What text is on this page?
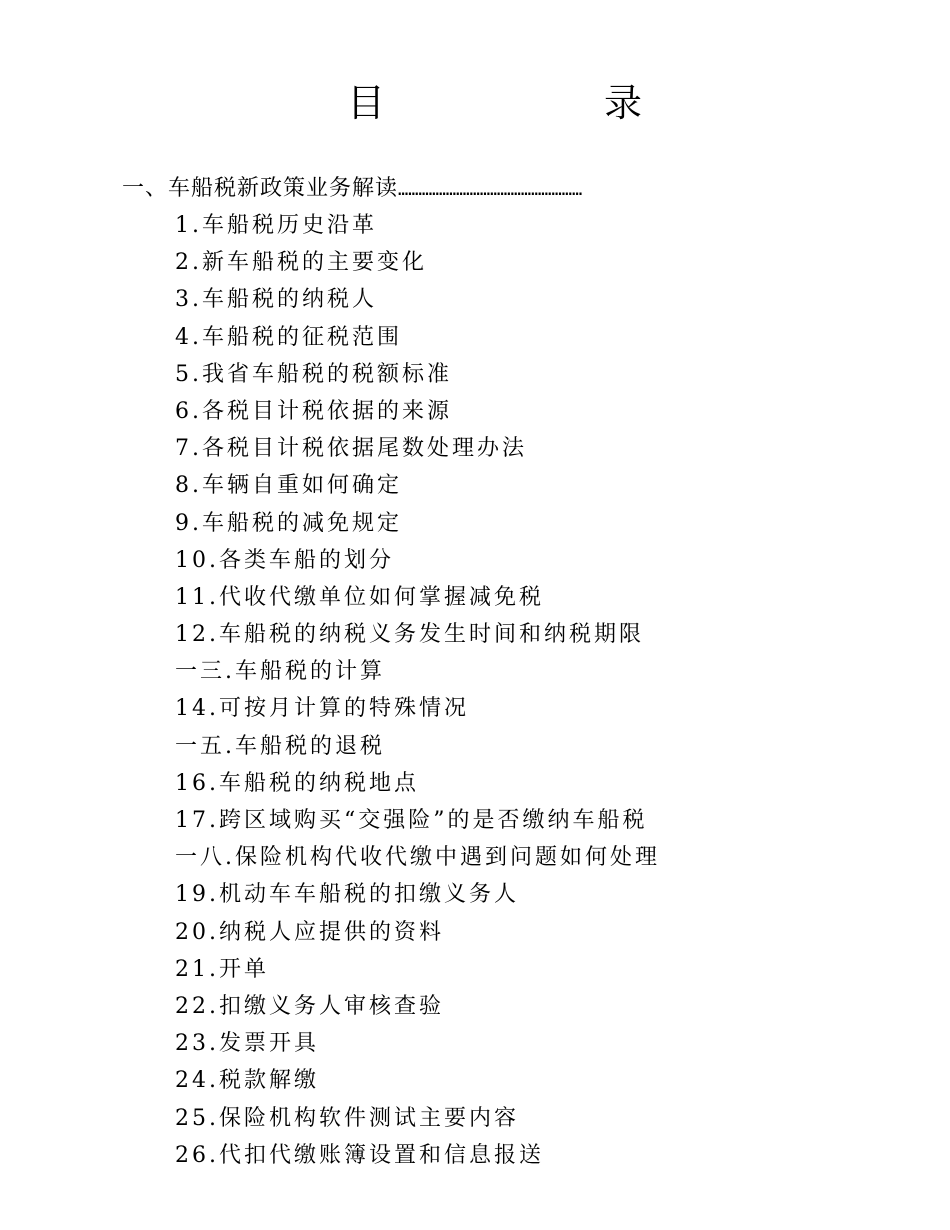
目	录
一、车船税新政策业务解读………………………………………………
1.车船税历史沿革
2.新车船税的主要变化
3.车船税的纳税人
4.车船税的征税范围
5.我省车船税的税额标准
6.各税目计税依据的来源
7.各税目计税依据尾数处理办法
8.车辆自重如何确定
9.车船税的减免规定
10.各类车船的划分
11.代收代缴单位如何掌握减免税
12.车船税的纳税义务发生时间和纳税期限
一三.车船税的计算
14.可按月计算的特殊情况
一五.车船税的退税
16.车船税的纳税地点
17.跨区域购买“交强险”的是否缴纳车船税
一八.保险机构代收代缴中遇到问题如何处理
19.机动车车船税的扣缴义务人
20.纳税人应提供的资料
21.开单
22.扣缴义务人审核查验
23.发票开具
24.税款解缴
25.保险机构软件测试主要内容
26.代扣代缴账簿设置和信息报送
